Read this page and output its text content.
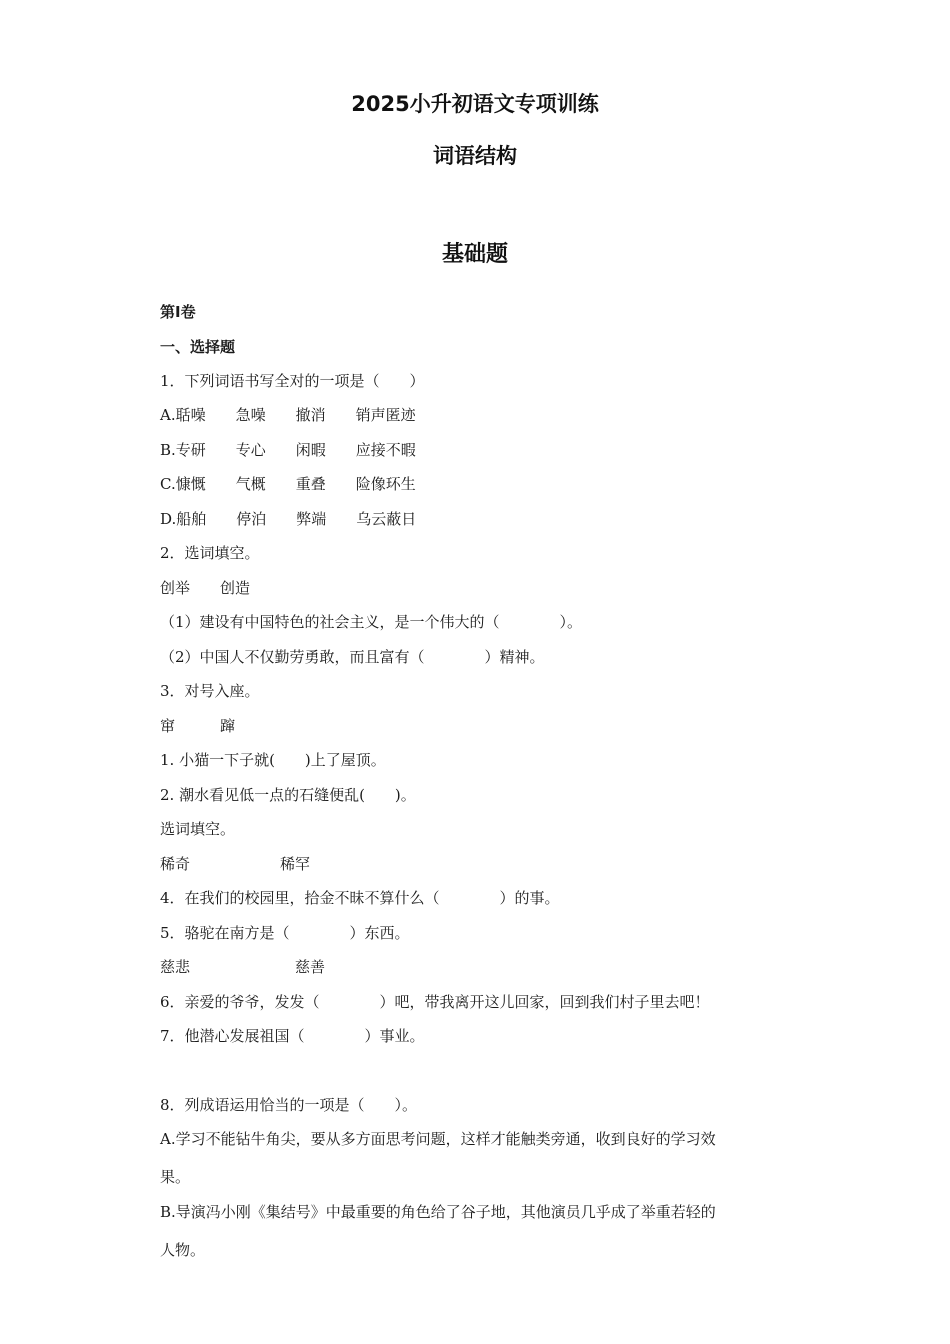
2025小升初语文专项训练
词语结构
基础题
第I卷
一、选择题
1．下列词语书写全对的一项是（　　）
A.聒噪　　急噪　　撤消　　销声匿迹
B.专研　　专心　　闲暇　　应接不暇
C.慷慨　　气概　　重叠　　险像环生
D.船舶　　停泊　　弊端　　乌云蔽日
2．选词填空。
创举　　创造
（1）建设有中国特色的社会主义，是一个伟大的（　　　　）。
（2）中国人不仅勤劳勇敢，而且富有（　　　　）精神。
3．对号入座。
窜　　　蹿
1. 小猫一下子就(　　)上了屋顶。
2. 潮水看见低一点的石缝便乱(　　)。
选词填空。
稀奇　　　　　　稀罕
4．在我们的校园里，拾金不昧不算什么（　　　　）的事。
5．骆驼在南方是（　　　　）东西。
慈悲　　　　　　　慈善
6．亲爱的爷爷，发发（　　　　）吧，带我离开这儿回家，回到我们村子里去吧！
7．他潜心发展祖国（　　　　）事业。
8．列成语运用恰当的一项是（　　）。
A.学习不能钻牛角尖，要从多方面思考问题，这样才能触类旁通，收到良好的学习效
果。
B.导演冯小刚《集结号》中最重要的角色给了谷子地，其他演员几乎成了举重若轻的
人物。
